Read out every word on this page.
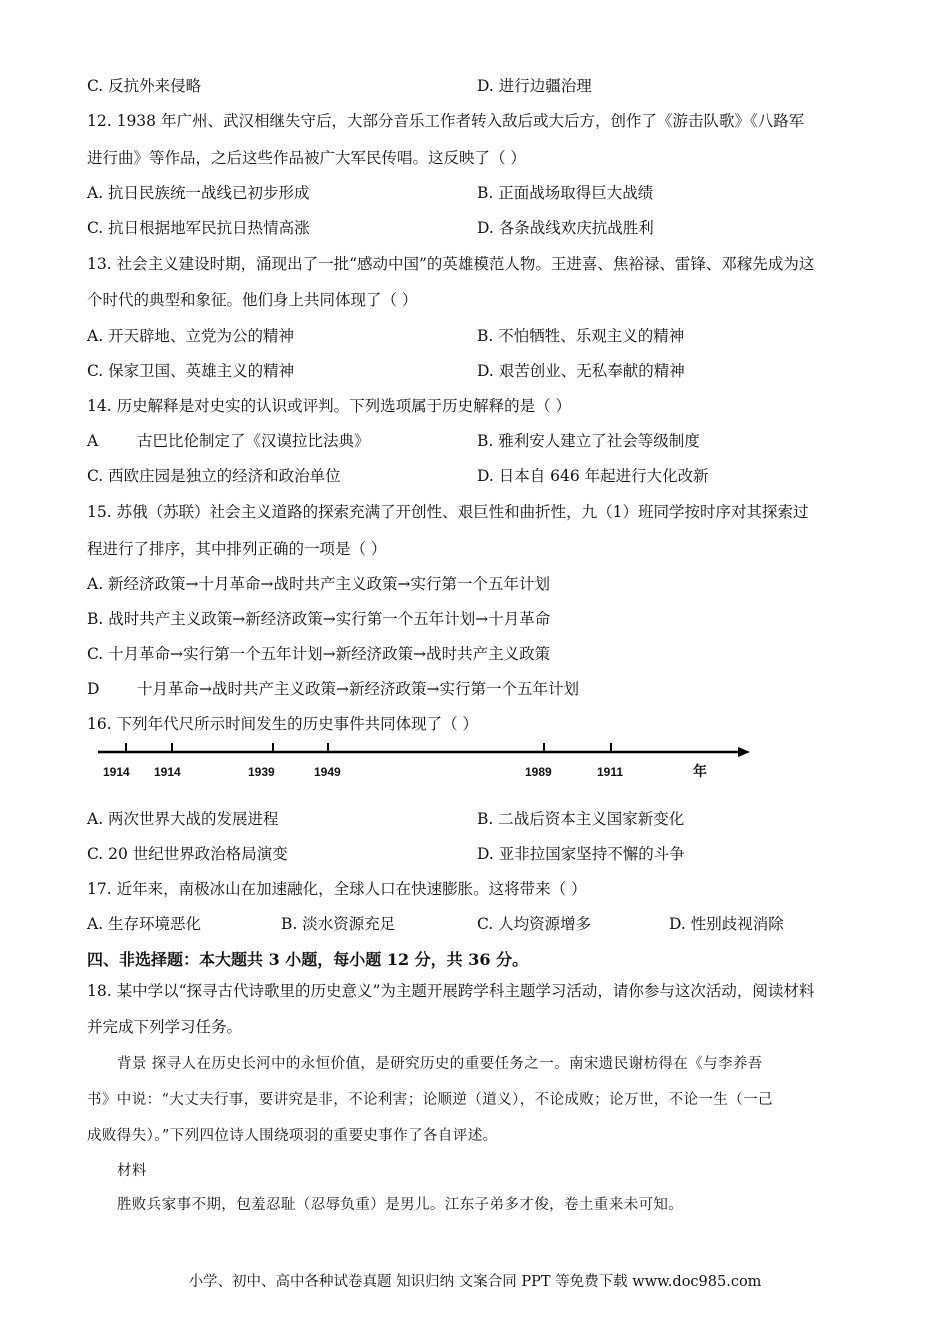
C. 反抗外来侵略	D. 进行边疆治理
12. 1938 年广州、武汉相继失守后，大部分音乐工作者转入敌后或大后方，创作了《游击队歌》《八路军
进行曲》等作品，之后这些作品被广大军民传唱。这反映了（ ）
A. 抗日民族统一战线已初步形成	B. 正面战场取得巨大战绩
C. 抗日根据地军民抗日热情高涨	D. 各条战线欢庆抗战胜利
13. 社会主义建设时期，涌现出了一批“感动中国”的英雄模范人物。王进喜、焦裕禄、雷锋、邓稼先成为这
个时代的典型和象征。他们身上共同体现了（ ）
A. 开天辟地、立党为公的精神	B. 不怕牺牲、乐观主义的精神
C. 保家卫国、英雄主义的精神	D. 艰苦创业、无私奉献的精神
14. 历史解释是对史实的认识或评判。下列选项属于历史解释的是（ ）
A	古巴比伦制定了《汉谟拉比法典》	B. 雅利安人建立了社会等级制度
C. 西欧庄园是独立的经济和政治单位	D. 日本自 646 年起进行大化改新
15. 苏俄（苏联）社会主义道路的探索充满了开创性、艰巨性和曲折性，九（1）班同学按时序对其探索过
程进行了排序，其中排列正确的一项是（ ）
A. 新经济政策→十月革命→战时共产主义政策→实行第一个五年计划
B. 战时共产主义政策→新经济政策→实行第一个五年计划→十月革命
C. 十月革命→实行第一个五年计划→新经济政策→战时共产主义政策
D 十月革命→战时共产主义政策→新经济政策→实行第一个五年计划
16. 下列年代尺所示时间发生的历史事件共同体现了（ ）
1914 1914	1939	1949	1989	1911	年
A. 两次世界大战的发展进程	B. 二战后资本主义国家新变化
C. 20 世纪世界政治格局演变	D. 亚非拉国家坚持不懈的斗争
17. 近年来，南极冰山在加速融化，全球人口在快速膨胀。这将带来（ ）
A. 生存环境恶化	B. 淡水资源充足	C. 人均资源增多	D. 性别歧视消除
四、非选择题：本大题共 3 小题，每小题 12 分，共 36 分。
18. 某中学以“探寻古代诗歌里的历史意义”为主题开展跨学科主题学习活动，请你参与这次活动，阅读材料
并完成下列学习任务。
背景 探寻人在历史长河中的永恒价值，是研究历史的重要任务之一。南宋遗民谢枋得在《与李养吾
书》中说：“大丈夫行事，要讲究是非，不论利害；论顺逆（道义），不论成败；论万世，不论一生（一己
成败得失）。”下列四位诗人围绕项羽的重要史事作了各自评述。
材料
胜败兵家事不期，包羞忍耻（忍辱负重）是男儿。江东子弟多才俊，卷土重来未可知。
小学、初中、高中各种试卷真题 知识归纳 文案合同 PPT 等免费下载 www.doc985.com
